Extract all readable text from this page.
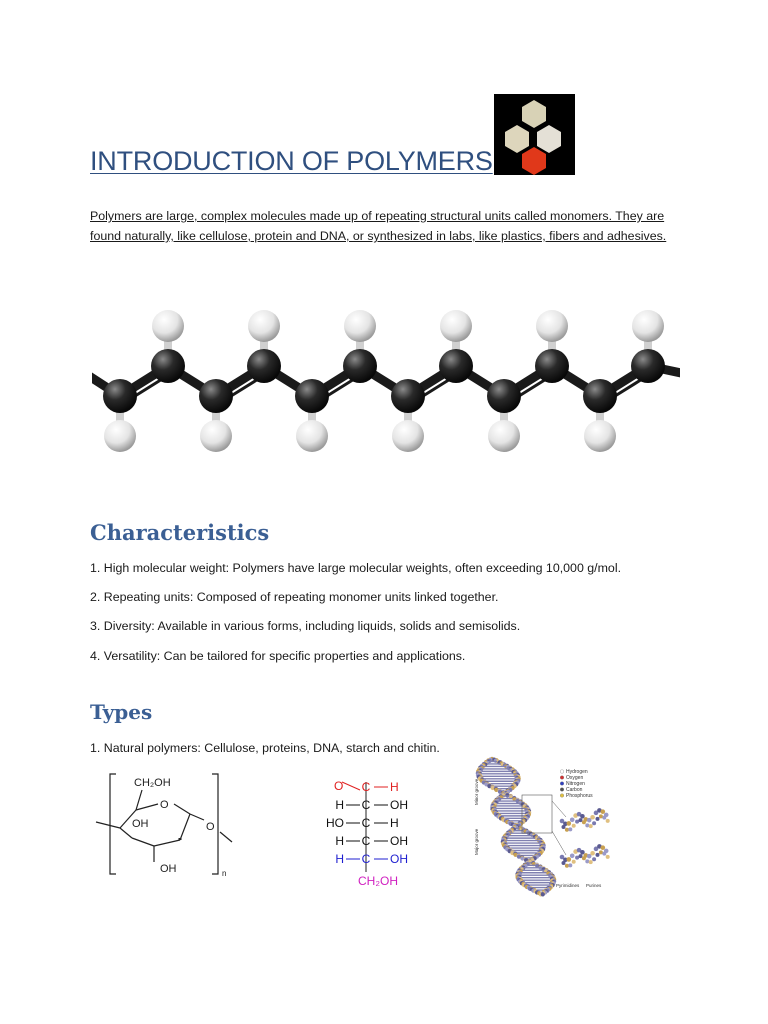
INTRODUCTION OF POLYMERS

Polymers are large, complex molecules made up of repeating structural units called monomers. They are found naturally, like cellulose, protein and DNA, or synthesized in labs, like plastics, fibers and adhesives.

Characteristics

1. High molecular weight: Polymers have large molecular weights, often exceeding 10,000 g/mol.

2. Repeating units: Composed of repeating monomer units linked together.

3. Diversity: Available in various forms, including liquids, solids and semisolids.

4. Versatility: Can be tailored for specific properties and applications.

Types

1. Natural polymers: Cellulose, proteins, DNA, starch and chitin.

CH₂OH
O
O
OH
OH	n
C H
H C OH
HO C H
H C OH
H C OH
O
CH₂OH
Hydrogen
Oxygen
Nitrogen
Carbon
Phosphorus
Pyrimidines Purines
Major groove
Minor groove
